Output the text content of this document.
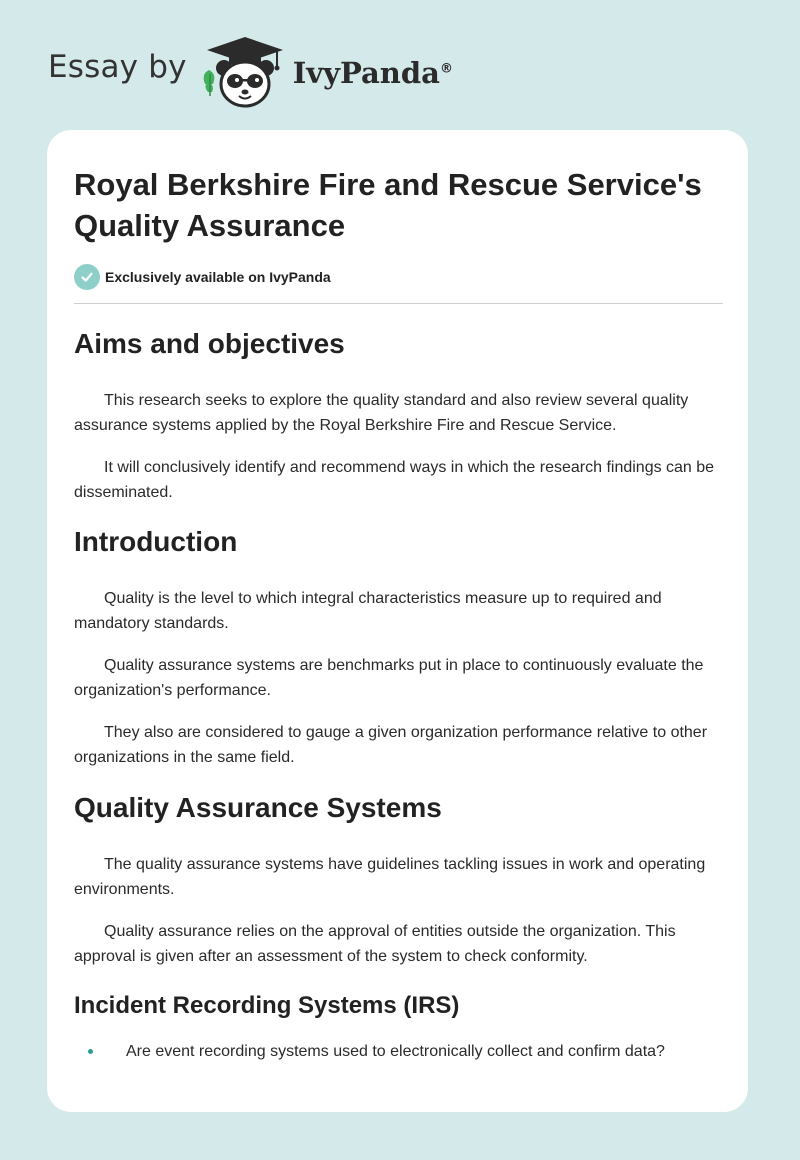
Essay by	IvyPanda®
Royal Berkshire Fire and Rescue Service's Quality Assurance
Exclusively available on IvyPanda
Aims and objectives

This research seeks to explore the quality standard and also review several quality assurance systems applied by the Royal Berkshire Fire and Rescue Service.

It will conclusively identify and recommend ways in which the research findings can be disseminated.

Introduction

Quality is the level to which integral characteristics measure up to required and mandatory standards.

Quality assurance systems are benchmarks put in place to continuously evaluate the organization's performance.

They also are considered to gauge a given organization performance relative to other organizations in the same field.

Quality Assurance Systems

The quality assurance systems have guidelines tackling issues in work and operating environments.

Quality assurance relies on the approval of entities outside the organization. This approval is given after an assessment of the system to check conformity.

Incident Recording Systems (IRS)
Are event recording systems used to electronically collect and confirm data?
